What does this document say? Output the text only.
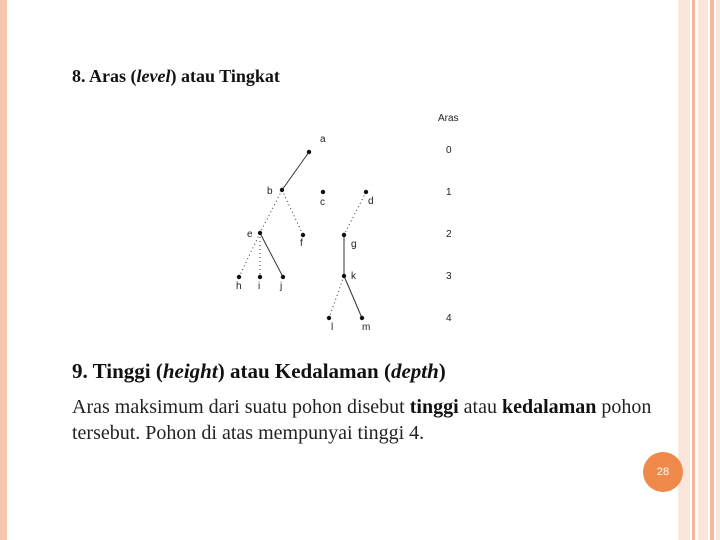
8. Aras (level) atau Tingkat
Aras
0
1
2
3
4
a
b
c	d
e
f	g
h i j
k
l	m
9. Tinggi (height) atau Kedalaman (depth)

Aras maksimum dari suatu pohon disebut tinggi atau kedalaman pohon tersebut. Pohon di atas mempunyai tinggi 4.

28
